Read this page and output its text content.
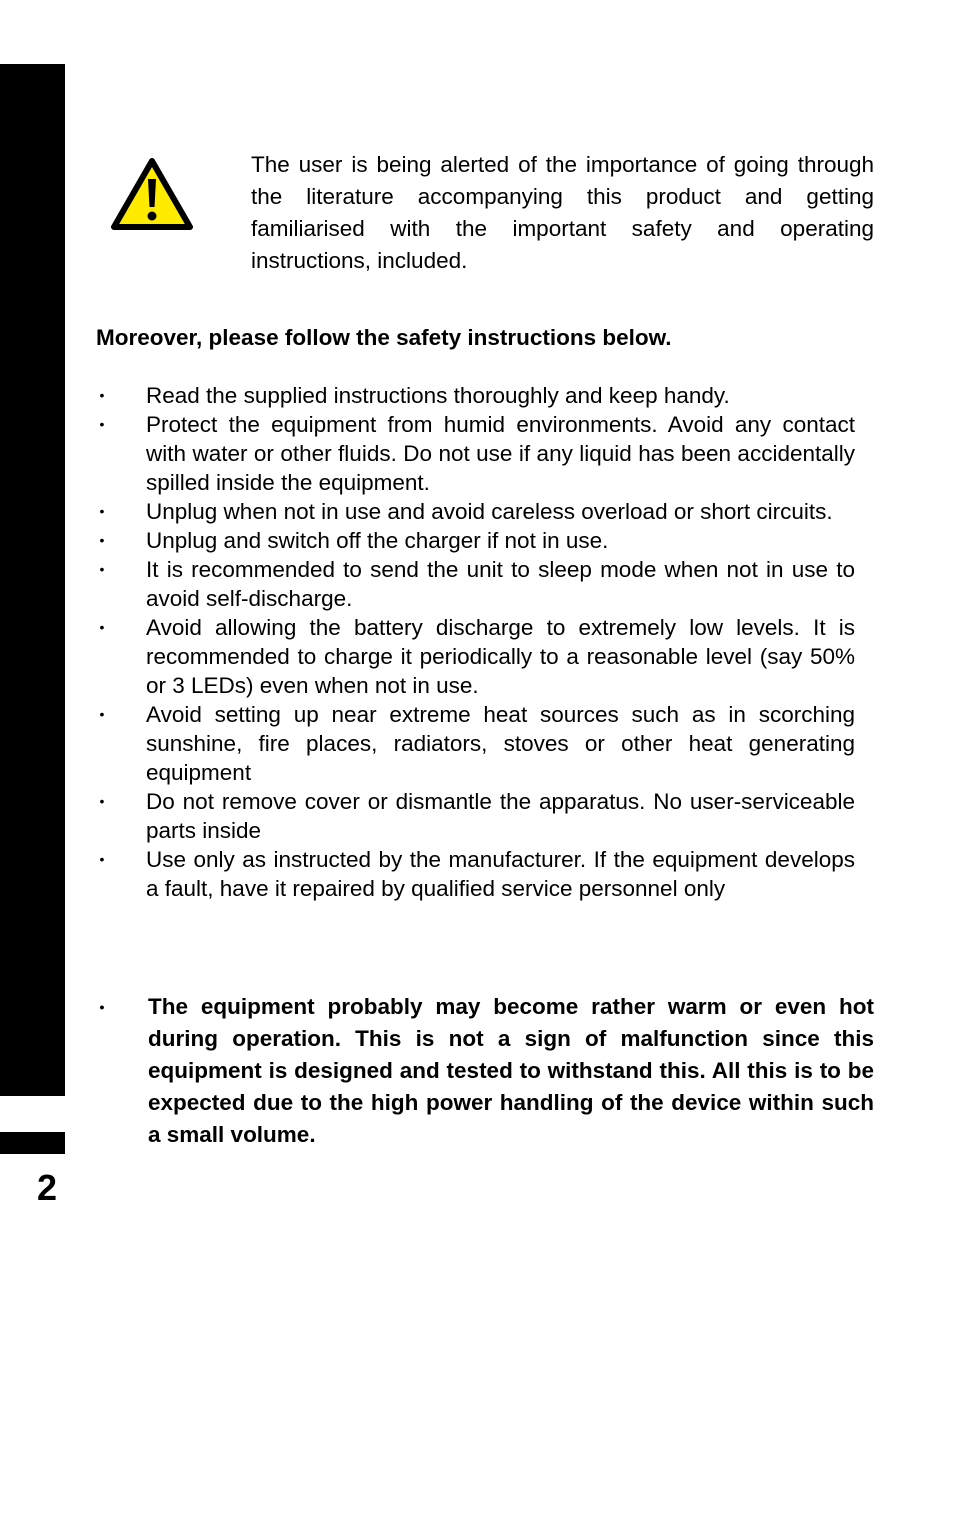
2
The user is being alerted of the importance of going through the literature accompanying this product and getting familiarised with the important safety and operating instructions, included.
Moreover, please follow the safety instructions below.
• Read the supplied instructions thoroughly and keep handy.
• Protect the equipment from humid environments. Avoid any contact with water or other fluids. Do not use if any liquid has been accidentally spilled inside the equipment.
• Unplug when not in use and avoid careless overload or short circuits.
• Unplug and switch off the charger if not in use.
• It is recommended to send the unit to sleep mode when not in use to avoid self-discharge.
• Avoid allowing the battery discharge to extremely low levels. It is recommended to charge it periodically to a reasonable level (say 50% or 3 LEDs) even when not in use.
• Avoid setting up near extreme heat sources such as in scorching sunshine, fire places, radiators, stoves or other heat generating equipment
• Do not remove cover or dismantle the apparatus. No user-serviceable parts inside
• Use only as instructed by the manufacturer. If the equipment develops a fault, have it repaired by qualified service personnel only
•	The equipment probably may become rather warm or even hot during operation. This is not a sign of malfunction since this equipment is designed and tested to withstand this. All this is to be expected due to the high power handling of the device within such a small volume.
